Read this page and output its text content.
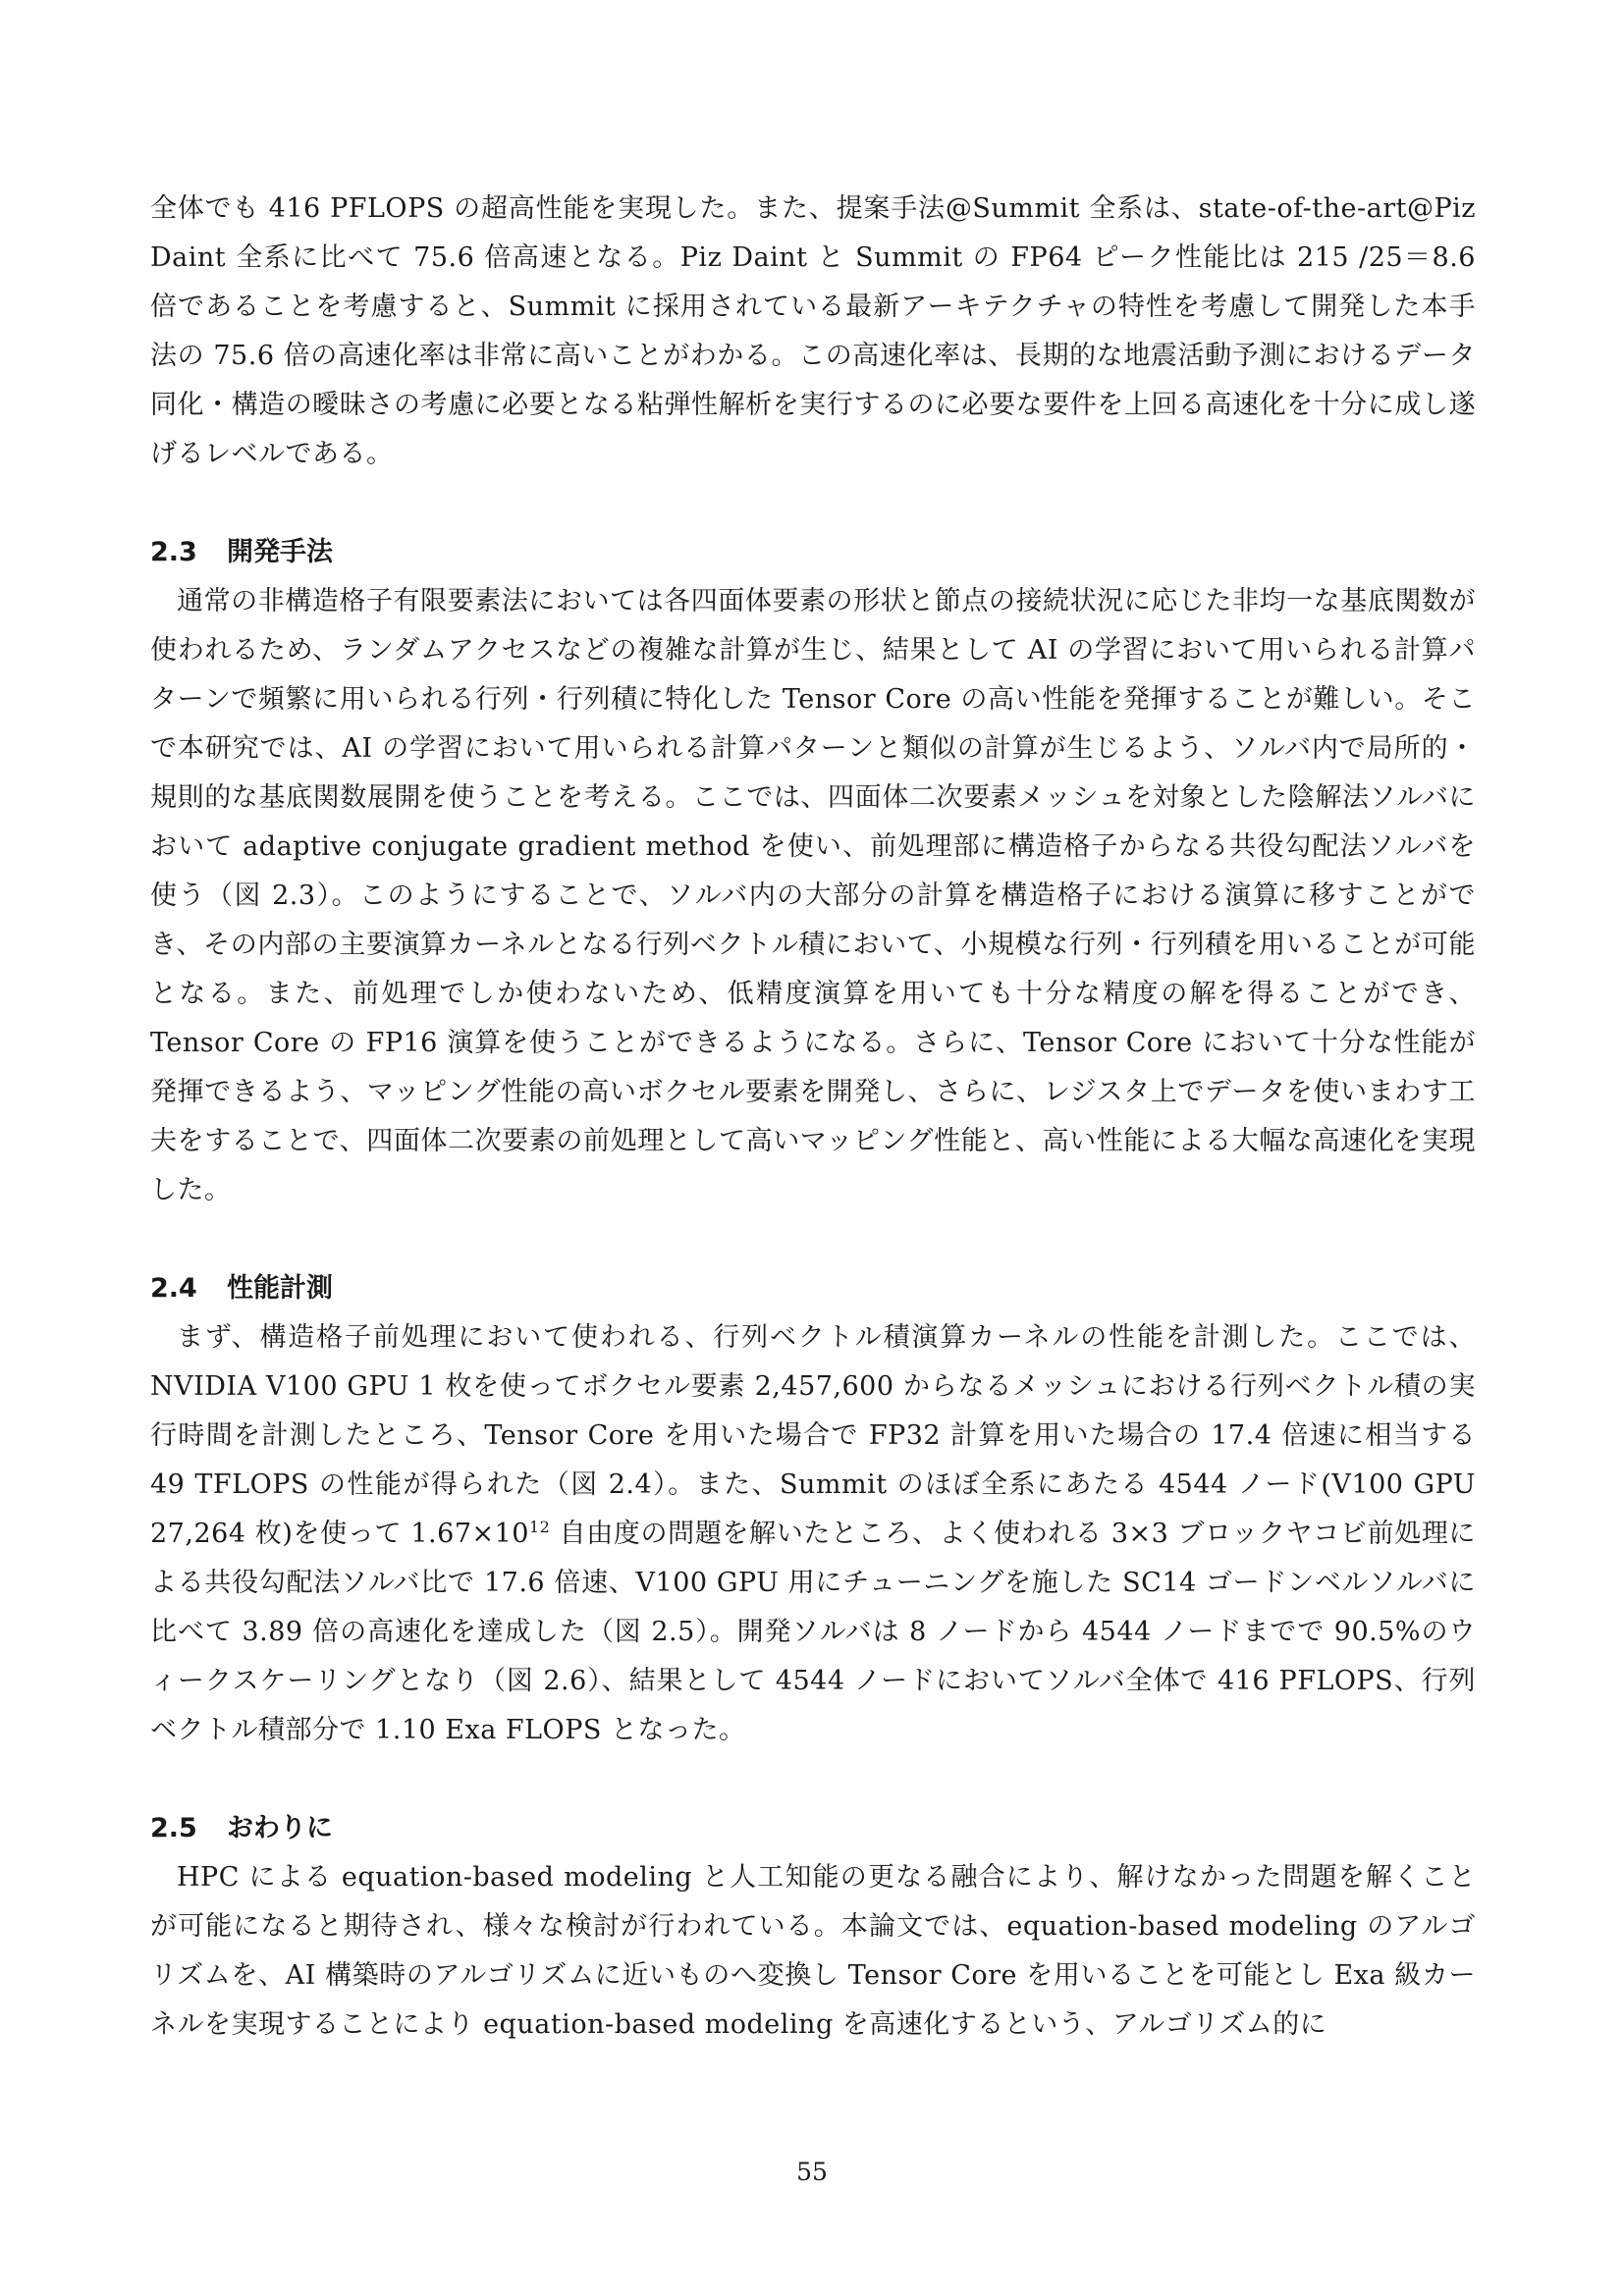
全体でも 416 PFLOPS の超高性能を実現した。また、提案手法@Summit 全系は、state-of-the-art@Piz Daint 全系に比べて 75.6 倍高速となる。Piz Daint と Summit の FP64 ピーク性能比は 215 /25＝8.6 倍であることを考慮すると、Summit に採用されている最新アーキテクチャの特性を考慮して開発した本手法の 75.6 倍の高速化率は非常に高いことがわかる。この高速化率は、長期的な地震活動予測におけるデータ同化・構造の曖昧さの考慮に必要となる粘弾性解析を実行するのに必要な要件を上回る高速化を十分に成し遂げるレベルである。

2.3 開発手法

通常の非構造格子有限要素法においては各四面体要素の形状と節点の接続状況に応じた非均一な基底関数が使われるため、ランダムアクセスなどの複雑な計算が生じ、結果として AI の学習において用いられる計算パターンで頻繁に用いられる行列・行列積に特化した Tensor Core の高い性能を発揮することが難しい。そこで本研究では、AI の学習において用いられる計算パターンと類似の計算が生じるよう、ソルバ内で局所的・規則的な基底関数展開を使うことを考える。ここでは、四面体二次要素メッシュを対象とした陰解法ソルバにおいて adaptive conjugate gradient method を使い、前処理部に構造格子からなる共役勾配法ソルバを使う（図 2.3）。このようにすることで、ソルバ内の大部分の計算を構造格子における演算に移すことができ、その内部の主要演算カーネルとなる行列ベクトル積において、小規模な行列・行列積を用いることが可能となる。また、前処理でしか使わないため、低精度演算を用いても十分な精度の解を得ることができ、Tensor Core の FP16 演算を使うことができるようになる。さらに、Tensor Core において十分な性能が発揮できるよう、マッピング性能の高いボクセル要素を開発し、さらに、レジスタ上でデータを使いまわす工夫をすることで、四面体二次要素の前処理として高いマッピング性能と、高い性能による大幅な高速化を実現した。

2.4 性能計測

まず、構造格子前処理において使われる、行列ベクトル積演算カーネルの性能を計測した。ここでは、NVIDIA V100 GPU 1 枚を使ってボクセル要素 2,457,600 からなるメッシュにおける行列ベクトル積の実行時間を計測したところ、Tensor Core を用いた場合で FP32 計算を用いた場合の 17.4 倍速に相当する 49 TFLOPS の性能が得られた（図 2.4）。また、Summit のほぼ全系にあたる 4544 ノード(V100 GPU 27,264 枚)を使って $1.67\times 10^{12}$ 自由度の問題を解いたところ、よく使われる 3×3 ブロックヤコビ前処理による共役勾配法ソルバ比で 17.6 倍速、V100 GPU 用にチューニングを施した SC14 ゴードンベルソルバに比べて 3.89 倍の高速化を達成した（図 2.5）。開発ソルバは 8 ノードから 4544 ノードまでで 90.5%のウィークスケーリングとなり（図 2.6）、結果として 4544 ノードにおいてソルバ全体で 416 PFLOPS、行列ベクトル積部分で 1.10 Exa FLOPS となった。

2.5 おわりに

HPC による equation-based modeling と人工知能の更なる融合により、解けなかった問題を解くことが可能になると期待され、様々な検討が行われている。本論文では、equation-based modeling のアルゴリズムを、AI 構築時のアルゴリズムに近いものへ変換し Tensor Core を用いることを可能とし Exa 級カーネルを実現することにより equation-based modeling を高速化するという、アルゴリズム的に

55
